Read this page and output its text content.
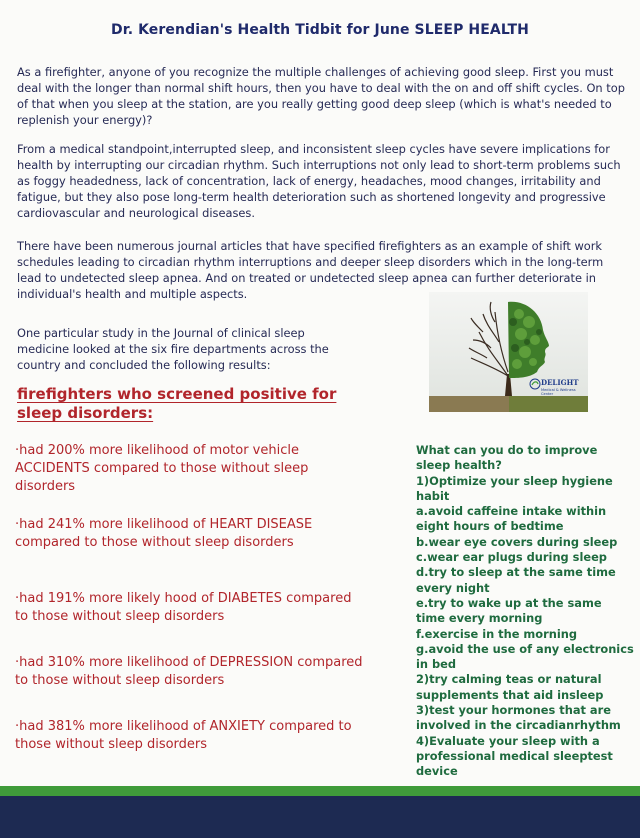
Dr. Kerendian's Health Tidbit for June SLEEP HEALTH

As a firefighter, anyone of you recognize the multiple challenges of achieving good sleep. First you must deal with the longer than normal shift hours, then you have to deal with the on and off shift cycles. On top of that when you sleep at the station, are you really getting good deep sleep (which is what's needed to replenish your energy)?

From a medical standpoint,interrupted sleep, and inconsistent sleep cycles have severe implications for health by interrupting our circadian rhythm. Such interruptions not only lead to short-term problems such as foggy headedness, lack of concentration, lack of energy, headaches, mood changes, irritability and fatigue, but they also pose long-term health deterioration such as shortened longevity and progressive cardiovascular and neurological diseases.

There have been numerous journal articles that have specified firefighters as an example of shift work schedules leading to circadian rhythm interruptions and deeper sleep disorders which in the long-term lead to undetected sleep apnea. And on treated or undetected sleep apnea can further deteriorate in individual's health and multiple aspects.

One particular study in the Journal of clinical sleep medicine looked at the six fire departments across the country and concluded the following results:

firefighters who screened positive for sleep disorders:

·had 200% more likelihood of motor vehicle ACCIDENTS compared to those without sleep disorders

·had 241% more likelihood of HEART DISEASE compared to those without sleep disorders

·had 191% more likely hood of DIABETES compared to those without sleep disorders

·had 310% more likelihood of DEPRESSION compared to those without sleep disorders

·had 381% more likelihood of ANXIETY compared to those without sleep disorders

DELIGHT
Medical & Wellness Center
What can you do to improve sleep health?
1)Optimize your sleep hygiene habit
a.avoid caffeine intake within eight hours of bedtime
b.wear eye covers during sleep
c.wear ear plugs during sleep
d.try to sleep at the same time every night
e.try to wake up at the same time every morning
f.exercise in the morning
g.avoid the use of any electronics in bed
2)try calming teas or natural supplements that aid insleep
3)test your hormones that are involved in the circadianrhythm
4)Evaluate your sleep with a professional medical sleeptest device
